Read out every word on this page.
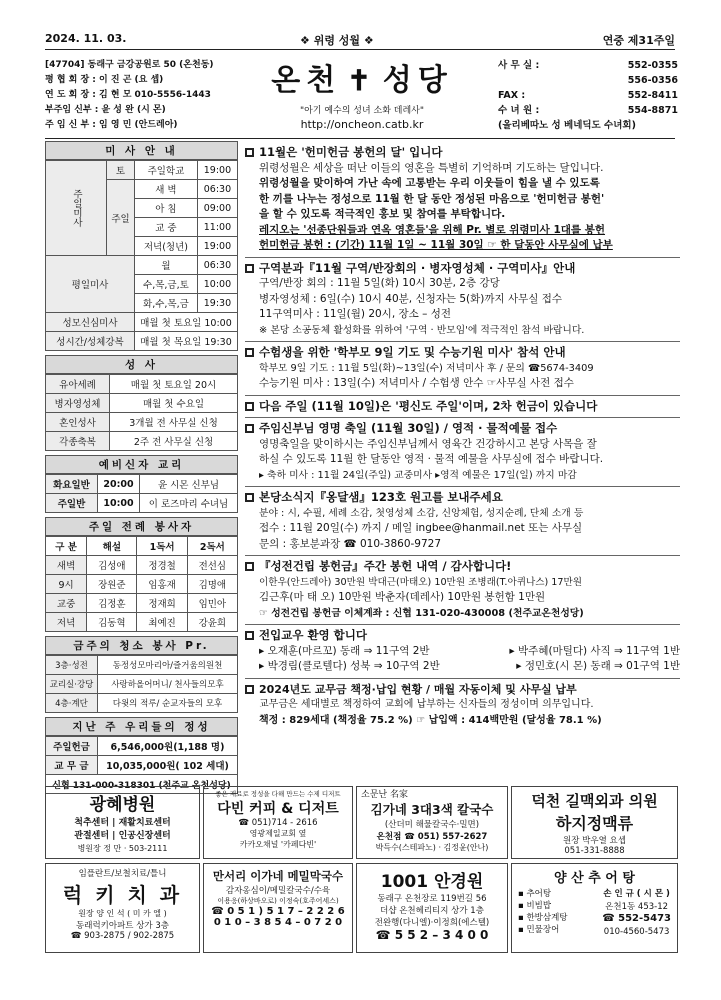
2024. 11. 03.	❖ 위령 성월 ❖	연중 제31주일
[47704] 동래구 금강공원로 50 (온천동)
평 협 회 장 : 이 진 곤 (요 셉)
연 도 회 장 : 김 현 모 010-5556-1443
부주임 신부 : 윤 성 완 (시 몬)
주 임 신 부 : 임 영 민 (안드레아)
온천 ✝ 성당
"아기 예수의 성녀 소화 데레사"
http://oncheon.catb.kr
사 무 실 :	552-0355
556-0356
FAX :	552-8411
수 녀 원 :	554-8871
(올리베따노 성 베네딕도 수녀회)
미 사 안 내
주일미사	토	주일학교	19:00
	주일	새 벽	06:30
		아 침	09:00
		교 중	11:00
		저녁(청년)	19:00
평일미사		월	06:30
		수,목,금,토	10:00
		화,수,목,금	19:30
성모신심미사		매월 첫 토요일 10:00	
성시간/성체강복		매월 첫 목요일 19:30	
성 사
유아세례	매월 첫 토요일 20시
병자영성체	매월 첫 수요일
혼인성사	3개월 전 사무실 신청
각종축복	2주 전 사무실 신청
예비신자 교리
화요일반	20:00	윤 시몬 신부님
주일반	10:00	이 로즈마리 수녀님
주일 전례 봉사자
구 분	해설	1독서	2독서
새벽	김성애	정경철	전선심
9시	장원준	임홍재	김명애
교중	김정훈	정재희	임민아
저녁	김동혁	최예진	강윤희
금주의 청소 봉사 Pr.
3층·성전	동정성모마리아/즐거움의원천
교리실·강당	사랑하올어머니/ 천사들의모후
4층·계단	다윗의 적루/ 순교자들의 모후
지난 주 우리들의 정성
주일헌금	6,546,000원(1,188 명)
교 무 금	10,035,000원( 102 세대)
신협 131-000-318301 (천주교 온천성당)	
11월은 '헌미헌금 봉헌의 달' 입니다
위령성월은 세상을 떠난 이들의 영혼을 특별히 기억하며 기도하는 달입니다.
위령성월을 맞이하여 가난 속에 고통받는 우리 이웃들이 힘을 낼 수 있도록
한 끼를 나누는 정성으로 11월 한 달 동안 정성된 마음으로 '헌미헌금 봉헌'
을 할 수 있도록 적극적인 홍보 및 참여를 부탁합니다.
레지오는 '선종단원들과 연옥 영혼들'을 위해 Pr. 별로 위령미사 1대를 봉헌
헌미헌금 봉헌 : (기간) 11월 1일 ~ 11월 30일 ☞ 한 달동안 사무실에 납부
구역분과『11월 구역/반장회의 · 병자영성체 · 구역미사』안내
구역/반장 회의 : 11월 5일(화) 10시 30분, 2층 강당
병자영성체 : 6일(수) 10시 40분, 신청자는 5(화)까지 사무실 접수
11구역미사 : 11일(월) 20시, 장소 – 성전
※ 본당 소공동체 활성화를 위하여 '구역 · 반모임'에 적극적인 참석 바랍니다.
수험생을 위한 '학부모 9일 기도 및 수능기원 미사' 참석 안내
학부모 9일 기도 : 11월 5일(화)~13일(수) 저녁미사 후 / 문의 ☎5674-3409
수능기원 미사 : 13일(수) 저녁미사 / 수험생 안수 ☞사무실 사전 접수
다음 주일 (11월 10일)은 '평신도 주일'이며, 2차 헌금이 있습니다
주임신부님 영명 축일 (11월 30일) / 영적 · 물적예물 접수
영명축일을 맞이하시는 주임신부님께서 영육간 건강하시고 본당 사목을 잘
하실 수 있도록 11월 한 달동안 영적 · 물적 예물을 사무실에 접수 바랍니다.
▸ 축하 미사 : 11월 24일(주일) 교중미사 ▸영적 예물은 17일(일) 까지 마감
본당소식지『옹달샘』123호 원고를 보내주세요
분야 : 시, 수필, 세례 소감, 첫영성체 소감, 신앙체험, 성지순례, 단체 소개 등
접수 : 11월 20일(수) 까지 / 메일 ingbee@hanmail.net 또는 사무실
문의 : 홍보분과장 ☎ 010-3860-9727
『성전건립 봉헌금』주간 봉헌 내역 / 감사합니다!
이한우(안드레아) 30만원 박대근(마태오) 10만원 조병래(T.아퀴나스) 17만원
김근후(마 태 오) 10만원 박춘자(데레사) 10만원 봉헌함 1만원
☞ 성전건립 봉헌금 이체계좌 : 신협 131-020-430008 (천주교온천성당)
전입교우 환영 합니다
▸ 오재훈(마르꼬) 동래 ⇒ 11구역 2반	▸ 박주혜(마틸다) 사직 ⇒ 11구역 1반
▸ 박경림(클로텔다) 성북 ⇒ 10구역 2반	▸ 정민호(시 몬) 동래 ⇒ 01구역 1반
2024년도 교무금 책정·납입 현황 / 매월 자동이체 및 사무실 납부
교무금은 세대별로 책정하여 교회에 납부하는 신자들의 정성이며 의무입니다.
책정 : 829세대 (책정율 75.2 %) ☞ 납입액 : 414백만원 (달성율 78.1 %)
광혜병원
척추센터 | 재활치료센터
관절센터 | 인공신장센터
병원장 정 만 · 503-2111
좋은 재료로 정성을 다해 만드는 수제 디저트
다빈 커피 & 디저트
☎ 051)714 - 2616
영광제일교회 옆
카카오채널 '카페다빈'
소문난 名家
김가네 3대3색 칼국수
(산더미 해물칼국수·밀면)
온천점 ☎ 051) 557-2627
박득수(스테파노) · 김정윤(안나)
덕천 길맥외과 의원
하지정맥류
원장 박우열 요셉
051-331-8888
임플란트/보철치료/틀니
럭 키 치 과
원장 양 인 석 ( 미 카 엘 )
동래럭키아파트 상가 3층
☎ 903-2875 / 902-2875
만서리 이가네 메밀막국수
감자옹심이/메밀칼국수/수육
이용응(하상바오로) 이정숙(호주어세스)
☎ 0 5 1 ) 5 1 7 – 2 2 2 6
0 1 0 – 3 8 5 4 – 0 7 2 0
1001 안경원
동래구 온천장로 119번길 56
더샵 온천헤리티지 상가 1층
전완행(다니엘)·이정희(에스텔)
☎ 5 5 2 – 3 4 0 0
양 산 추 어 탕
▪ 추어탕
▪ 비빔밥
▪ 한방삼계탕
▪ 민물장어
손 인 규 ( 시 몬 )
온천1동 453-12
☎ 552-5473
010-4560-5473
